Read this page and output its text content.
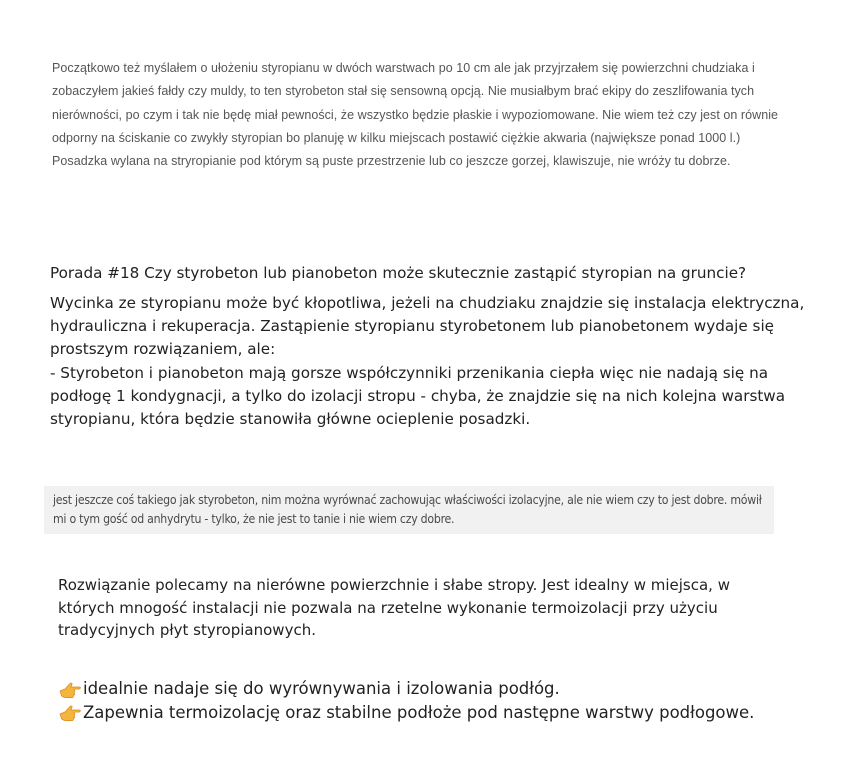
Początkowo też myślałem o ułożeniu styropianu w dwóch warstwach po 10 cm ale jak przyjrzałem się powierzchni chudziaka i zobaczyłem jakieś fałdy czy muldy, to ten styrobeton stał się sensowną opcją. Nie musiałbym brać ekipy do zeszlifowania tych nierówności, po czym i tak nie będę miał pewności, że wszystko będzie płaskie i wypoziomowane. Nie wiem też czy jest on równie odporny na ściskanie co zwykły styropian bo planuję w kilku miejscach postawić ciężkie akwaria (największe ponad 1000 l.) Posadzka wylana na stryropianie pod którym są puste przestrzenie lub co jeszcze gorzej, klawiszuje, nie wróży tu dobrze.

Porada #18 Czy styrobeton lub pianobeton może skutecznie zastąpić styropian na gruncie?

Wycinka ze styropianu może być kłopotliwa, jeżeli na chudziaku znajdzie się instalacja elektryczna, hydrauliczna i rekuperacja. Zastąpienie styropianu styrobetonem lub pianobetonem wydaje się prostszym rozwiązaniem, ale:

- Styrobeton i pianobeton mają gorsze współczynniki przenikania ciepła więc nie nadają się na podłogę 1 kondygnacji, a tylko do izolacji stropu - chyba, że znajdzie się na nich kolejna warstwa styropianu, która będzie stanowiła główne ocieplenie posadzki.

jest jeszcze coś takiego jak styrobeton, nim można wyrównać zachowując właściwości izolacyjne, ale nie wiem czy to jest dobre. mówił mi o tym gość od anhydrytu - tylko, że nie jest to tanie i nie wiem czy dobre.

Rozwiązanie polecamy na nierówne powierzchnie i słabe stropy. Jest idealny w miejsca, w których mnogość instalacji nie pozwala na rzetelne wykonanie termoizolacji przy użyciu tradycyjnych płyt styropianowych.

idealnie nadaje się do wyrównywania i izolowania podłóg.
Zapewnia termoizolację oraz stabilne podłoże pod następne warstwy podłogowe.
